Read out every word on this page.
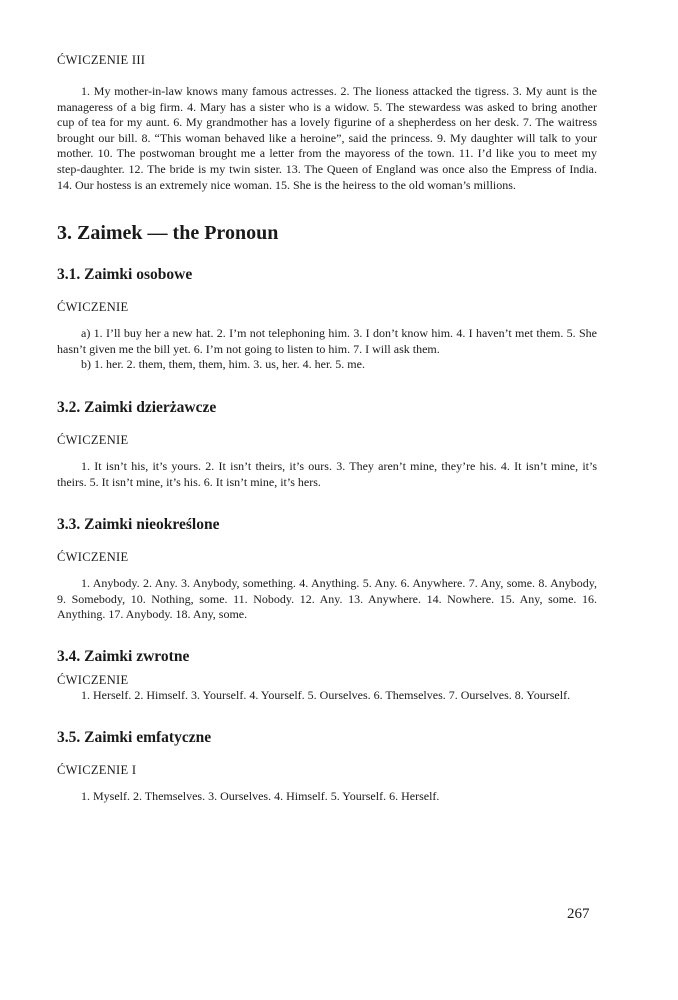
ĆWICZENIE III

1. My mother-in-law knows many famous actresses. 2. The lioness attacked the tigress. 3. My aunt is the manageress of a big firm. 4. Mary has a sister who is a widow. 5. The stewardess was asked to bring another cup of tea for my aunt. 6. My grandmother has a lovely figurine of a shepherdess on her desk. 7. The waitress brought our bill. 8. “This woman behaved like a heroine”, said the princess. 9. My daughter will talk to your mother. 10. The postwoman brought me a letter from the mayoress of the town. 11. I’d like you to meet my step-daughter. 12. The bride is my twin sister. 13. The Queen of England was once also the Empress of India. 14. Our hostess is an extremely nice woman. 15. She is the heiress to the old woman’s millions.

3. Zaimek — the Pronoun
3.1. Zaimki osobowe

ĆWICZENIE

a) 1. I’ll buy her a new hat. 2. I’m not telephoning him. 3. I don’t know him. 4. I haven’t met them. 5. She hasn’t given me the bill yet. 6. I’m not going to listen to him. 7. I will ask them.

b) 1. her. 2. them, them, them, him. 3. us, her. 4. her. 5. me.

3.2. Zaimki dzierżawcze

ĆWICZENIE

1. It isn’t his, it’s yours. 2. It isn’t theirs, it’s ours. 3. They aren’t mine, they’re his. 4. It isn’t mine, it’s theirs. 5. It isn’t mine, it’s his. 6. It isn’t mine, it’s hers.

3.3. Zaimki nieokreślone

ĆWICZENIE

1. Anybody. 2. Any. 3. Anybody, something. 4. Anything. 5. Any. 6. Anywhere. 7. Any, some. 8. Anybody, 9. Somebody, 10. Nothing, some. 11. Nobody. 12. Any. 13. Anywhere. 14. Nowhere. 15. Any, some. 16. Anything. 17. Anybody. 18. Any, some.

3.4. Zaimki zwrotne

ĆWICZENIE

1. Herself. 2. Himself. 3. Yourself. 4. Yourself. 5. Ourselves. 6. Themselves. 7. Ourselves. 8. Yourself.

3.5. Zaimki emfatyczne

ĆWICZENIE I

1. Myself. 2. Themselves. 3. Ourselves. 4. Himself. 5. Yourself. 6. Herself.

267
